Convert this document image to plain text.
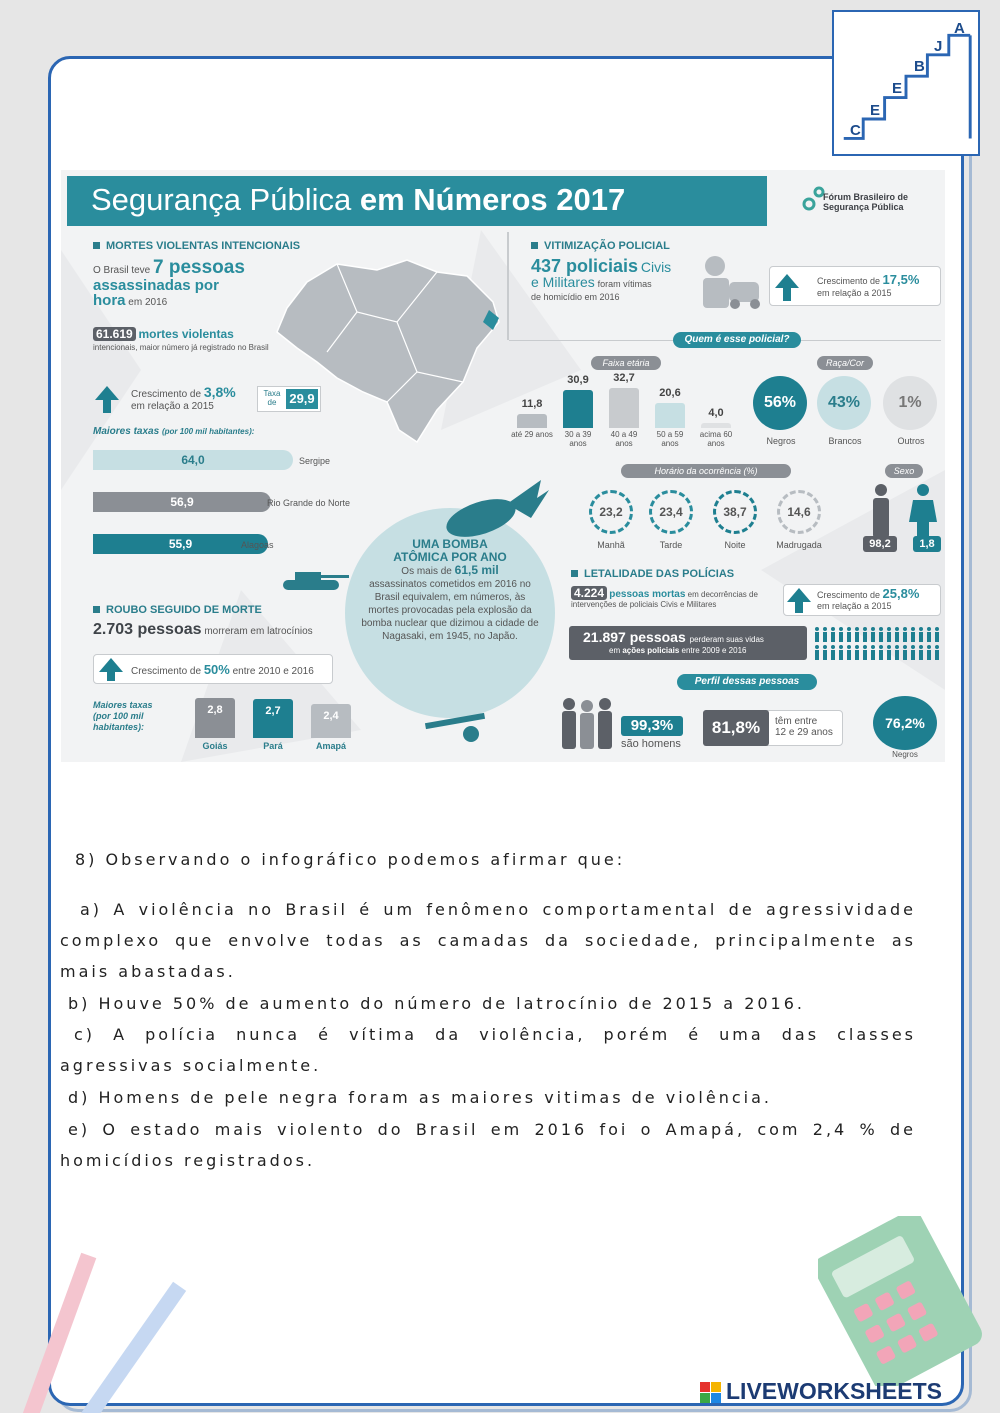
C
E
E
B
J
A
Segurança Pública em Números 2017	Fórum Brasileiro de
Segurança Pública
MORTES VIOLENTAS INTENCIONAIS
O Brasil teve 7 pessoas
assassinadas por
hora em 2016
61.619 mortes violentas
intencionais, maior número já registrado no Brasil
Crescimento de 3,8%
em relação a 2015
Taxa de 29,9
Maiores taxas (por 100 mil habitantes):
UMA BOMBA
ATÔMICA POR ANO
Os mais de 61,5 mil
assassinatos cometidos em 2016 no Brasil equivalem, em números, às mortes provocadas pela explosão da bomba nuclear que dizimou a cidade de Nagasaki, em 1945, no Japão.
ROUBO SEGUIDO DE MORTE
2.703 pessoas morreram em latrocínios
Crescimento de 50% entre 2010 e 2016
Maiores taxas
(por 100 mil habitantes):
VITIMIZAÇÃO POLICIAL
437 policiais Civis
e Militares foram vítimas
de homicídio em 2016
Crescimento de 17,5%
em relação a 2015
Quem é esse policial?
Faixa etária	Raça/Cor
56%	43%	1%
Negros	Brancos	Outros
Horário da ocorrência (%)
23,2	23,4	38,7	14,6
Manhã	Tarde	Noite	Madrugada
Sexo
98,2	1,8
LETALIDADE DAS POLÍCIAS
4.224 pessoas mortas em decorrências de intervenções de policiais Civis e Militares
Crescimento de 25,8%
em relação a 2015
21.897 pessoas perderam suas vidas
em ações policiais entre 2009 e 2016
Perfil dessas pessoas
99,3%
são homens
81,8%	têm entre
12 e 29 anos
76,2%
Negros
64,0	Sergipe
56,9	Rio Grande do Norte
55,9	Alagoas
2,8
Goiás
2,7
Pará
2,4
Amapá
11,8
até 29 anos
30,9
30 a 39 anos
32,7
40 a 49 anos
20,6
50 a 59 anos
4,0
acima 60 anos
8) Observando o infográfico podemos afirmar que:
a) A violência no Brasil é um fenômeno comportamental de agressividade complexo que envolve todas as camadas da sociedade, principalmente as mais abastadas.
b) Houve 50% de aumento do número de latrocínio de 2015 a 2016.
c) A polícia nunca é vítima da violência, porém é uma das classes agressivas socialmente.
d) Homens de pele negra foram as maiores vitimas de violência.
e) O estado mais violento do Brasil em 2016 foi o Amapá, com 2,4 % de homicídios registrados.
LIVEWORKSHEETS
